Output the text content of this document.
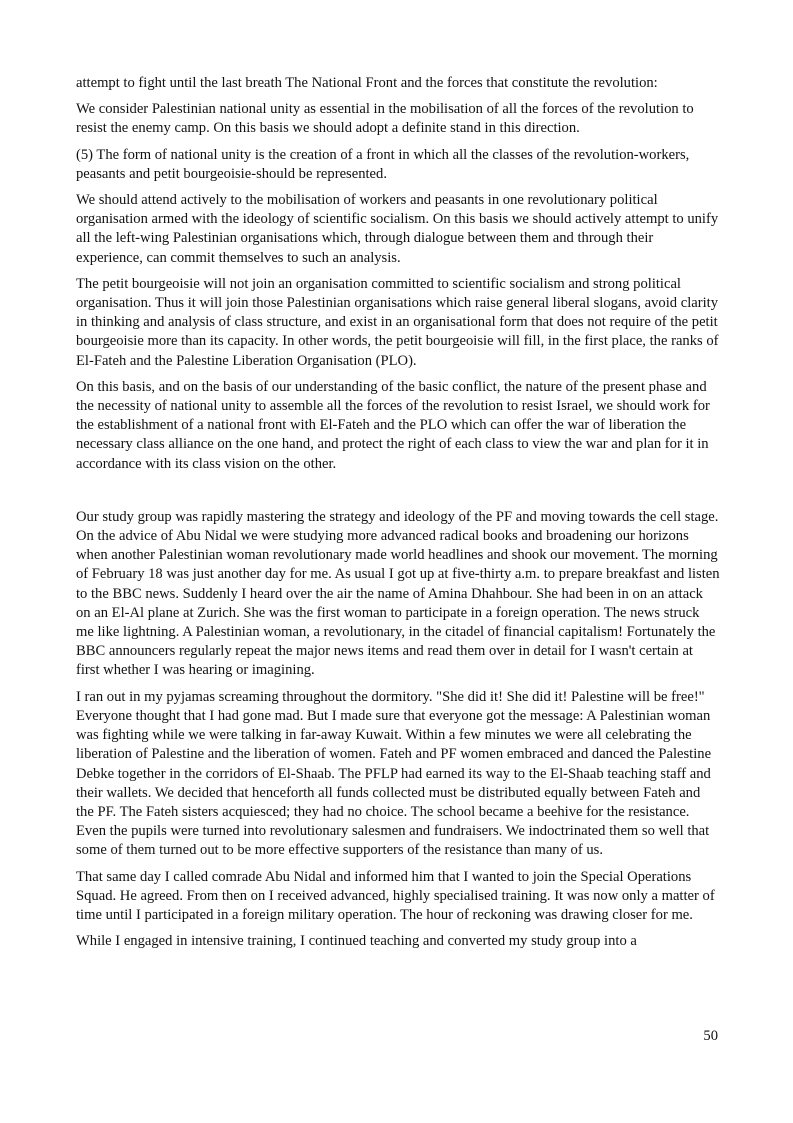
attempt to fight until the last breath The National Front and the forces that constitute the revolution:

We consider Palestinian national unity as essential in the mobilisation of all the forces of the revolution to resist the enemy camp. On this basis we should adopt a definite stand in this direction.

(5) The form of national unity is the creation of a front in which all the classes of the revolution-workers, peasants and petit bourgeoisie-should be represented.

We should attend actively to the mobilisation of workers and peasants in one revolutionary political organisation armed with the ideology of scientific socialism. On this basis we should actively attempt to unify all the left-wing Palestinian organisations which, through dialogue between them and through their experience, can commit themselves to such an analysis.

The petit bourgeoisie will not join an organisation committed to scientific socialism and strong political organisation. Thus it will join those Palestinian organisations which raise general liberal slogans, avoid clarity in thinking and analysis of class structure, and exist in an organisational form that does not require of the petit bourgeoisie more than its capacity. In other words, the petit bourgeoisie will fill, in the first place, the ranks of El-Fateh and the Palestine Liberation Organisation (PLO).

On this basis, and on the basis of our understanding of the basic conflict, the nature of the present phase and the necessity of national unity to assemble all the forces of the revolution to resist Israel, we should work for the establishment of a national front with El-Fateh and the PLO which can offer the war of liberation the necessary class alliance on the one hand, and protect the right of each class to view the war and plan for it in accordance with its class vision on the other.

Our study group was rapidly mastering the strategy and ideology of the PF and moving towards the cell stage. On the advice of Abu Nidal we were studying more advanced radical books and broadening our horizons when another Palestinian woman revolutionary made world headlines and shook our movement. The morning of February 18 was just another day for me. As usual I got up at five-thirty a.m. to prepare breakfast and listen to the BBC news. Suddenly I heard over the air the name of Amina Dhahbour. She had been in on an attack on an El-Al plane at Zurich. She was the first woman to participate in a foreign operation. The news struck me like lightning. A Palestinian woman, a revolutionary, in the citadel of financial capitalism! Fortunately the BBC announcers regularly repeat the major news items and read them over in detail for I wasn't certain at first whether I was hearing or imagining.

I ran out in my pyjamas screaming throughout the dormitory. "She did it! She did it! Palestine will be free!" Everyone thought that I had gone mad. But I made sure that everyone got the message: A Palestinian woman was fighting while we were talking in far-away Kuwait. Within a few minutes we were all celebrating the liberation of Palestine and the liberation of women. Fateh and PF women embraced and danced the Palestine Debke together in the corridors of El-Shaab. The PFLP had earned its way to the El-Shaab teaching staff and their wallets. We decided that henceforth all funds collected must be distributed equally between Fateh and the PF. The Fateh sisters acquiesced; they had no choice. The school became a beehive for the resistance. Even the pupils were turned into revolutionary salesmen and fundraisers. We indoctrinated them so well that some of them turned out to be more effective supporters of the resistance than many of us.

That same day I called comrade Abu Nidal and informed him that I wanted to join the Special Operations Squad. He agreed. From then on I received advanced, highly specialised training. It was now only a matter of time until I participated in a foreign military operation. The hour of reckoning was drawing closer for me.

While I engaged in intensive training, I continued teaching and converted my study group into a

50
